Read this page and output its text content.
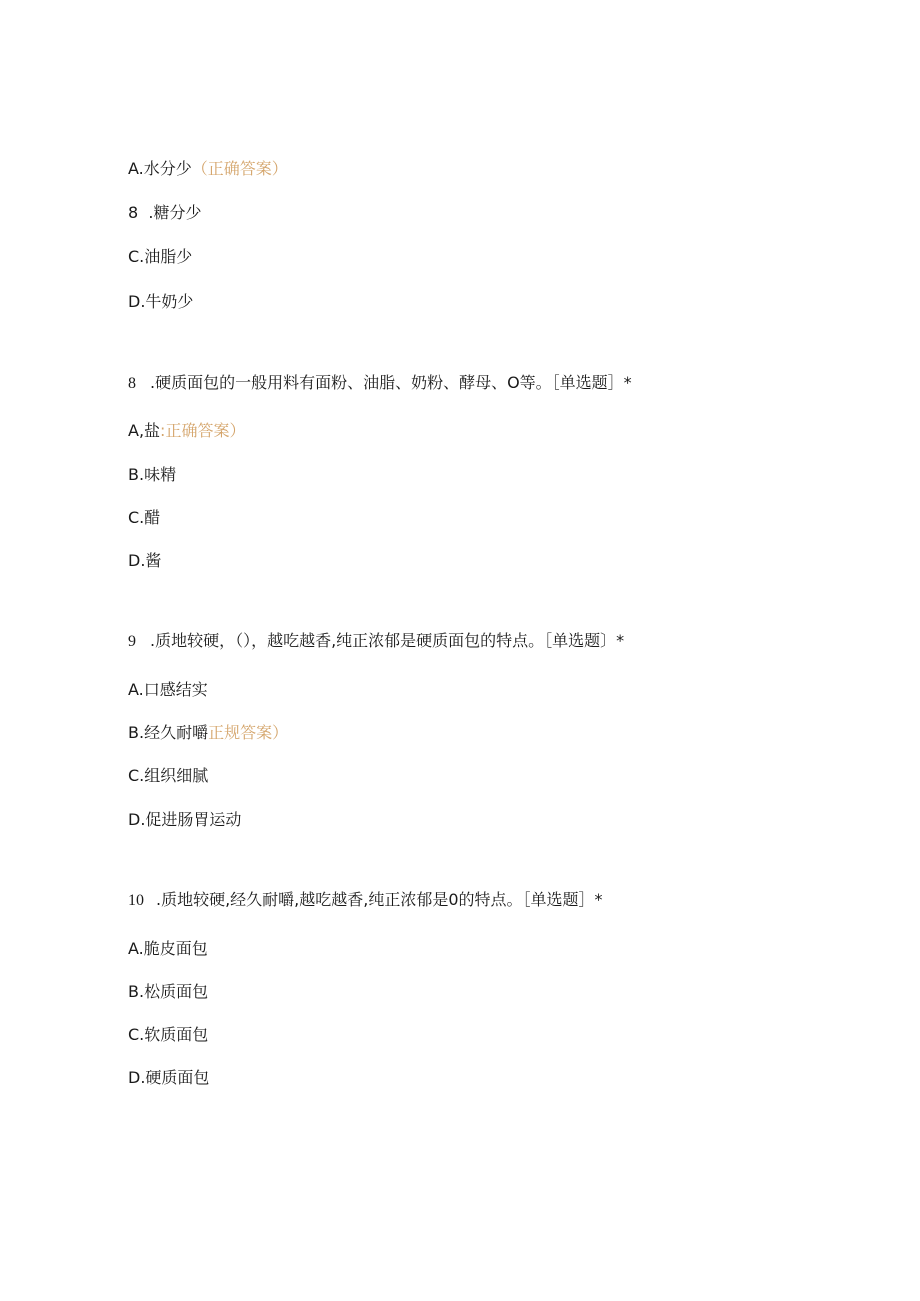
A.水分少（正确答案）
8  .糖分少
C.油脂少
D.牛奶少
8 .硬质面包的一般用料有面粉、油脂、奶粉、酵母、O等。［单选题］*
A,盐:正确答案）
B.味精
C.醋
D.酱
9 .质地较硬，（），越吃越香,纯正浓郁是硬质面包的特点。［单选题〕*
A.口感结实
B.经久耐嚼正规答案）
C.组织细腻
D.促进肠胃运动
10 .质地较硬,经久耐嚼,越吃越香,纯正浓郁是0的特点。［单选题］*
A.脆皮面包
B.松质面包
C.软质面包
D.硬质面包
